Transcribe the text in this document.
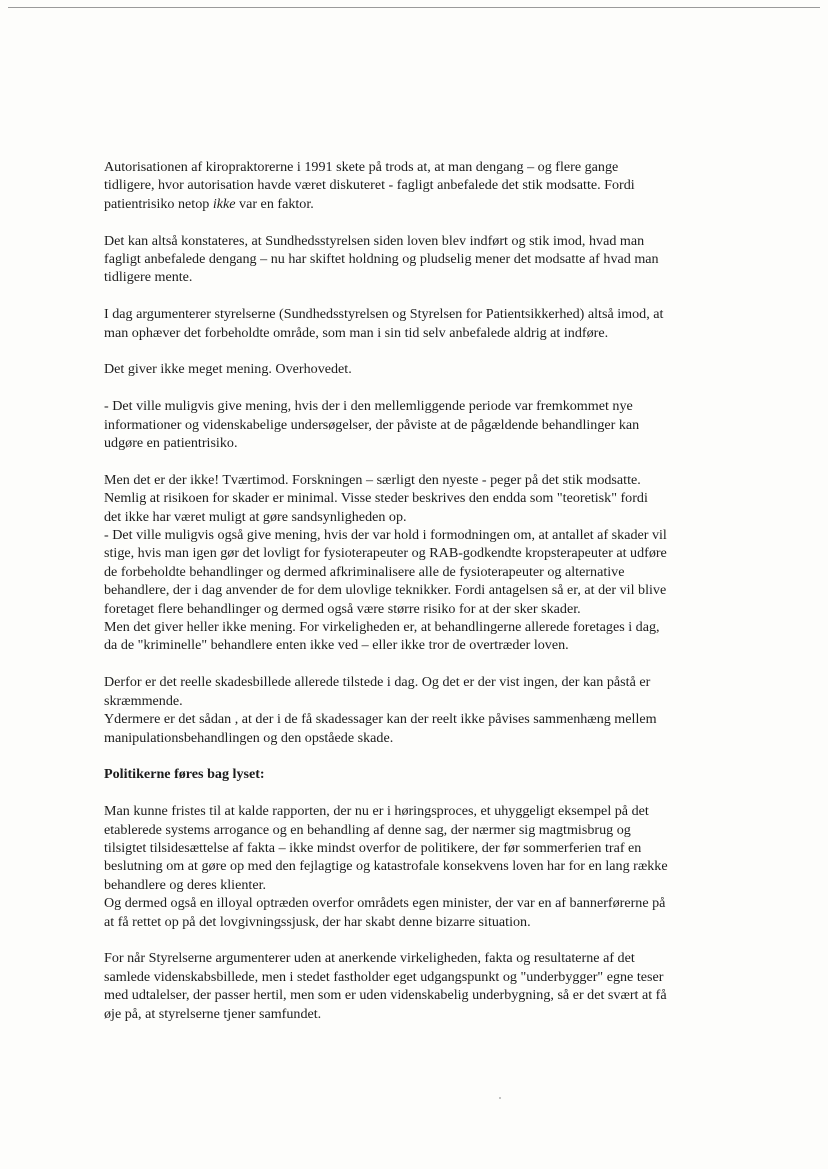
Autorisationen af kiropraktorerne i 1991 skete på trods at, at man dengang – og flere gange
tidligere, hvor autorisation havde været diskuteret - fagligt anbefalede det stik modsatte. Fordi
patientrisiko netop ikke var en faktor.

Det kan altså konstateres, at Sundhedsstyrelsen siden loven blev indført og stik imod, hvad man
fagligt anbefalede dengang – nu har skiftet holdning og pludselig mener det modsatte af hvad man
tidligere mente.

I dag argumenterer styrelserne (Sundhedsstyrelsen og Styrelsen for Patientsikkerhed) altså imod, at
man ophæver det forbeholdte område, som man i sin tid selv anbefalede aldrig at indføre.

Det giver ikke meget mening. Overhovedet.

- Det ville muligvis give mening, hvis der i den mellemliggende periode var fremkommet nye
informationer og videnskabelige undersøgelser, der påviste at de pågældende behandlinger kan
udgøre en patientrisiko.

Men det er der ikke! Tværtimod. Forskningen – særligt den nyeste - peger på det stik modsatte.
Nemlig at risikoen for skader er minimal. Visse steder beskrives den endda som "teoretisk" fordi
det ikke har været muligt at gøre sandsynligheden op.
- Det ville muligvis også give mening, hvis der var hold i formodningen om, at antallet af skader vil
stige, hvis man igen gør det lovligt for fysioterapeuter og RAB-godkendte kropsterapeuter at udføre
de forbeholdte behandlinger og dermed afkriminalisere alle de fysioterapeuter og alternative
behandlere, der i dag anvender de for dem ulovlige teknikker. Fordi antagelsen så er, at der vil blive
foretaget flere behandlinger og dermed også være større risiko for at der sker skader.
Men det giver heller ikke mening. For virkeligheden er, at behandlingerne allerede foretages i dag,
da de "kriminelle" behandlere enten ikke ved – eller ikke tror de overtræder loven.

Derfor er det reelle skadesbillede allerede tilstede i dag. Og det er der vist ingen, der kan påstå er
skræmmende.
Ydermere er det sådan , at der i de få skadessager kan der reelt ikke påvises sammenhæng mellem
manipulationsbehandlingen og den opståede skade.

Politikerne føres bag lyset:

Man kunne fristes til at kalde rapporten, der nu er i høringsproces, et uhyggeligt eksempel på det
etablerede systems arrogance og en behandling af denne sag, der nærmer sig magtmisbrug og
tilsigtet tilsidesættelse af fakta – ikke mindst overfor de politikere, der før sommerferien traf en
beslutning om at gøre op med den fejlagtige og katastrofale konsekvens loven har for en lang række
behandlere og deres klienter.
Og dermed også en illoyal optræden overfor områdets egen minister, der var en af bannerførerne på
at få rettet op på det lovgivningssjusk, der har skabt denne bizarre situation.

For når Styrelserne argumenterer uden at anerkende virkeligheden, fakta og resultaterne af det
samlede videnskabsbillede, men i stedet fastholder eget udgangspunkt og "underbygger" egne teser
med udtalelser, der passer hertil, men som er uden videnskabelig underbygning, så er det svært at få
øje på, at styrelserne tjener samfundet.
